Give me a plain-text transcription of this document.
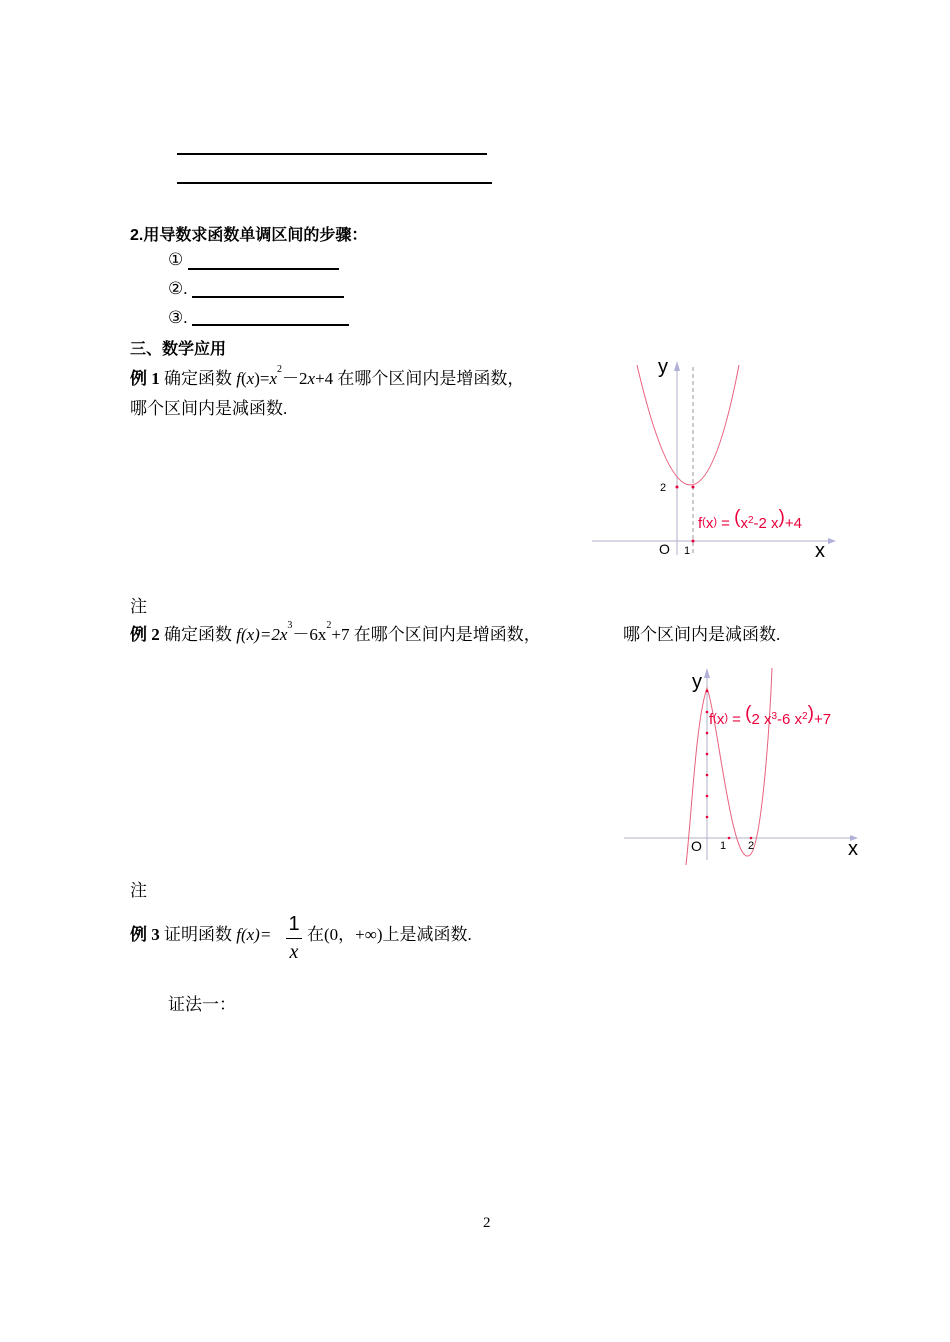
2.用导数求函数单调区间的步骤：
①
②.
③.
三、数学应用
例 1 确定函数 $f(x)=x^2-2x+4$ 在哪个区间内是增函数，
哪个区间内是减函数.
y
x
O 1
2
$f^(x^) = (x^2-2$ x)+4
注
例 2 确定函数 $f(x)=2x^3-6x^2+7$ 在哪个区间内是增函数，	哪个区间内是减函数.
y
x
O 1 2
f(x) = (2 $x^3-6$ $x^2)+7$
注
例 3 证明函数 f(x)= 1
x
在(0，+∞)上是减函数.
证法一：
2
